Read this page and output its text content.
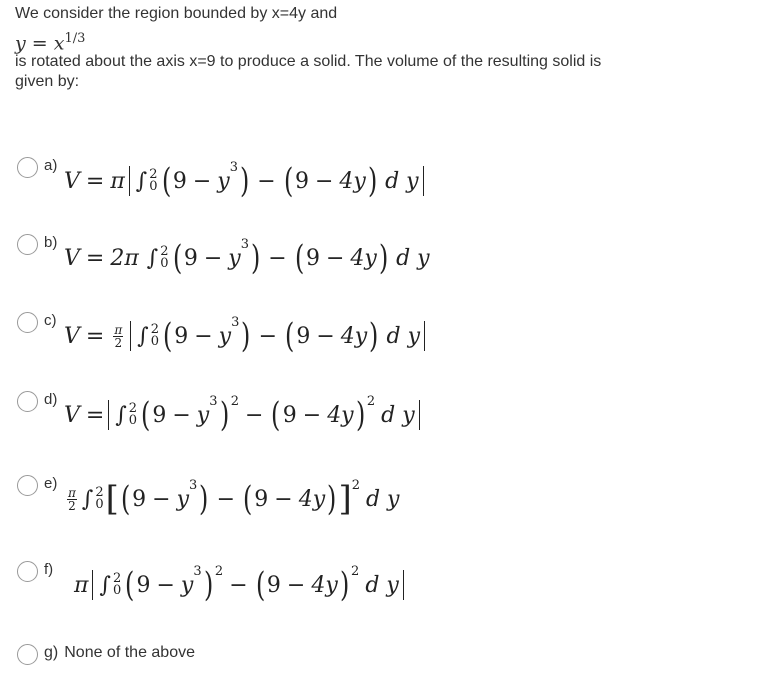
We consider the region bounded by x=4y and
$y = x^{1/3}$
is rotated about the axis x=9 to produce a solid. The volume of the resulting solid is
given by:
a)
V = π ∫ 2
0 ( 9 − y
3 ) − ( 9 − 4y ) d y
b)
V = 2π ∫ 2
0 ( 9 − y
3 ) − ( 9 − 4y ) d y
c)
$V = \frac{\pi}{2}$ ∫ 2
0 ( 9 − y
3 ) − ( 9 − 4y ) d y
d)
V = ∫ 2
0 ( 9 − y
3 ) 2
− ( 9 − 4y ) 2
d y
e)
$\frac{\pi}{2}$ ∫ 2
0 [ ( 9 − y
3 ) − ( 9 − 4y ) ] 2
d y
f)
π ∫ 2
0 ( 9 − y
3 ) 2
− ( 9 − 4y ) 2
d y
g) None of the above
